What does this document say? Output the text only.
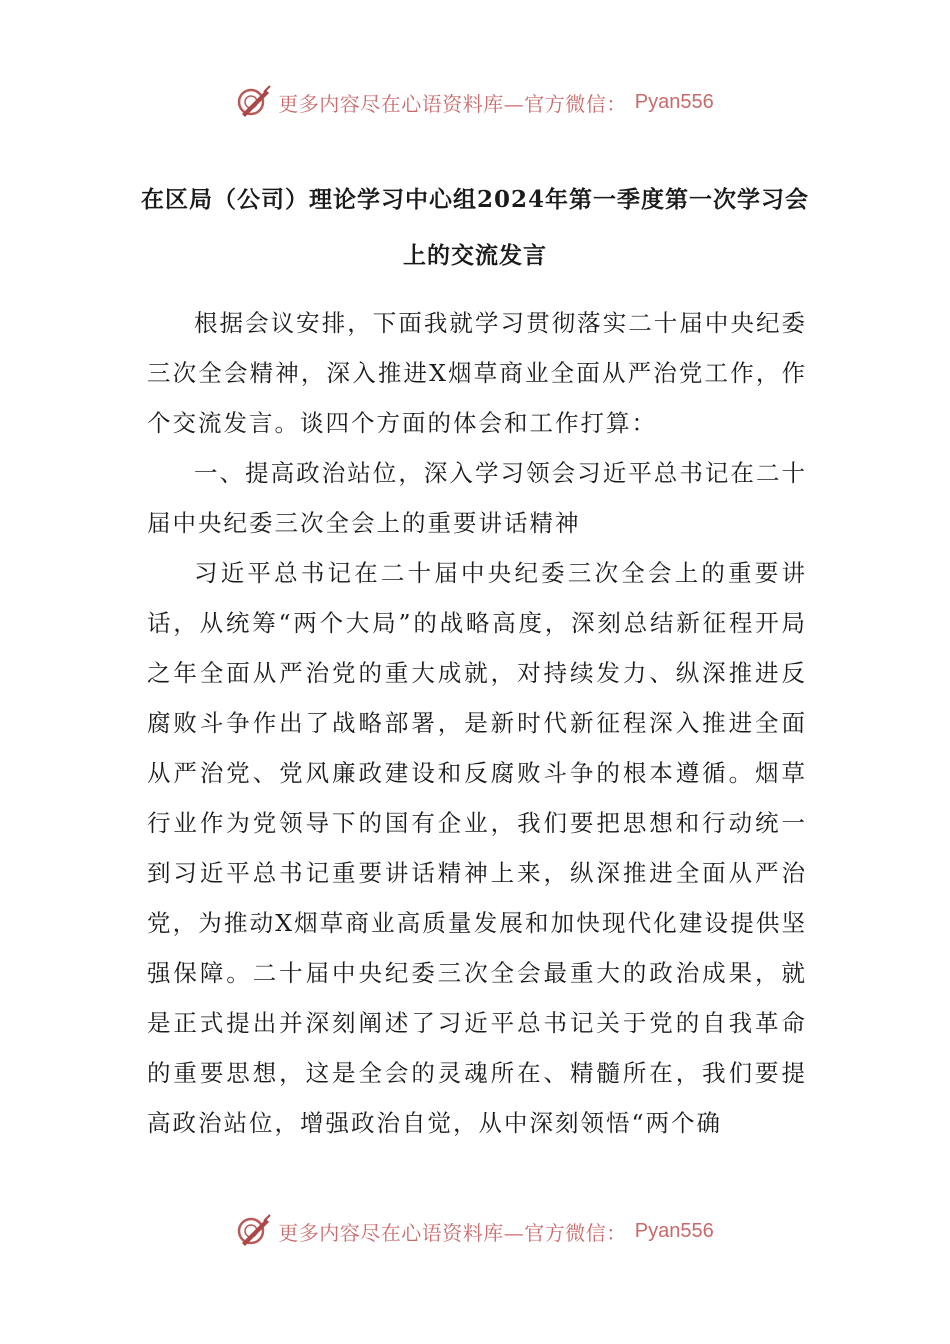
更多内容尽在心语资料库—官方微信： Pyan556
在区局（公司）理论学习中心组2024年第一季度第一次学习会上的交流发言

根据会议安排，下面我就学习贯彻落实二十届中央纪委三次全会精神，深入推进X烟草商业全面从严治党工作，作个交流发言。谈四个方面的体会和工作打算：

一、提高政治站位，深入学习领会习近平总书记在二十届中央纪委三次全会上的重要讲话精神

习近平总书记在二十届中央纪委三次全会上的重要讲话，从统筹“两个大局”的战略高度，深刻总结新征程开局之年全面从严治党的重大成就，对持续发力、纵深推进反腐败斗争作出了战略部署，是新时代新征程深入推进全面从严治党、党风廉政建设和反腐败斗争的根本遵循。烟草行业作为党领导下的国有企业，我们要把思想和行动统一到习近平总书记重要讲话精神上来，纵深推进全面从严治党，为推动X烟草商业高质量发展和加快现代化建设提供坚强保障。二十届中央纪委三次全会最重大的政治成果，就是正式提出并深刻阐述了习近平总书记关于党的自我革命的重要思想，这是全会的灵魂所在、精髓所在，我们要提高政治站位，增强政治自觉，从中深刻领悟“两个确

更多内容尽在心语资料库—官方微信： Pyan556
